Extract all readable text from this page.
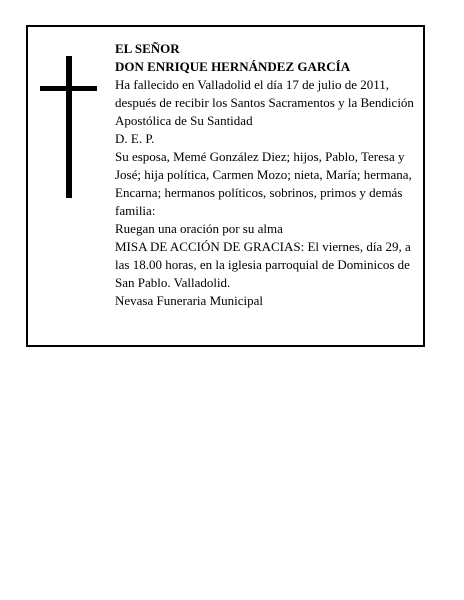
EL SEÑOR
DON ENRIQUE HERNÁNDEZ GARCÍA
Ha fallecido en Valladolid el día 17 de julio de 2011, después de recibir los Santos Sacramentos y la Bendición Apostólica de Su Santidad
D. E. P.
Su esposa, Memé González Diez; hijos, Pablo, Teresa y José; hija política, Carmen Mozo; nieta, María; hermana, Encarna; hermanos políticos, sobrinos, primos y demás familia:
Ruegan una oración por su alma
MISA DE ACCIÓN DE GRACIAS: El viernes, día 29, a las 18.00 horas, en la iglesia parroquial de Dominicos de San Pablo. Valladolid.
Nevasa Funeraria Municipal
